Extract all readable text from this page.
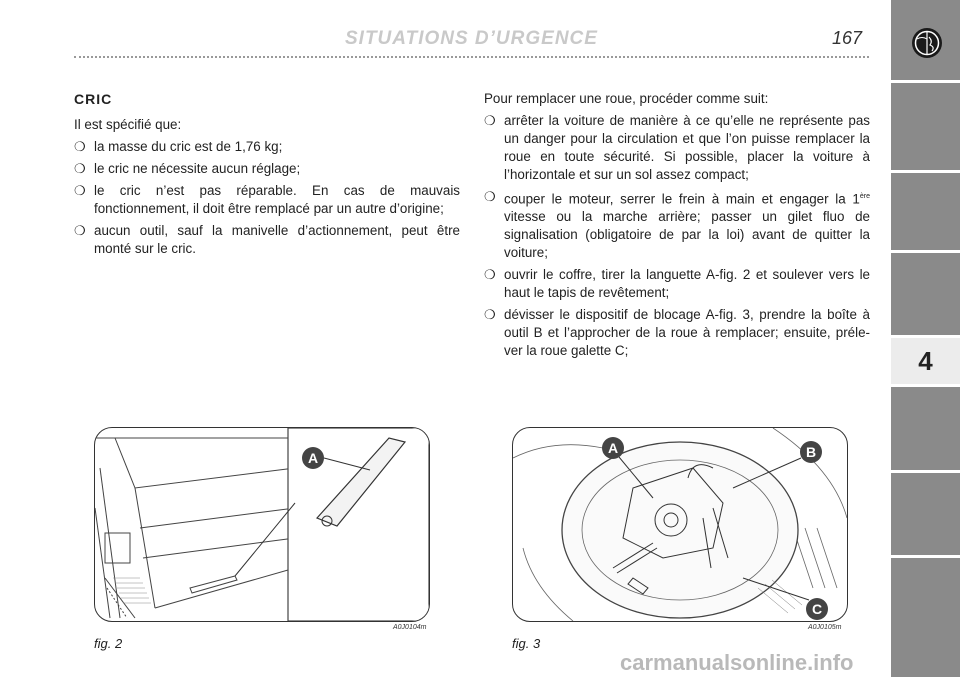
SITUATIONS D’URGENCE	167
4
CRIC
Il est spécifié que:
❍ la masse du cric est de 1,76 kg;
❍ le cric ne nécessite aucun réglage;
❍ le cric n’est pas réparable. En cas de mauvais fonctionnement, il doit être remplacé par un autre d’origine;
❍ aucun outil, sauf la manivelle d’actionnement, peut être monté sur le cric.
Pour remplacer une roue, procéder comme suit:
❍ arrêter la voiture de manière à ce qu’elle ne représente pas un danger pour la circulation et que l’on puisse remplacer la roue en toute sécurité. Si possible, placer la voiture à l’horizontale et sur un sol assez compact;
❍ couper le moteur, serrer le frein à main et engager la 1ère vitesse ou la marche arrière; passer un gilet fluo de signalisation (obligatoire de par la loi) avant de quitter la voiture;
❍ ouvrir le coffre, tirer la languette A-fig. 2 et soulever vers le haut le tapis de revêtement;
❍ dévisser le dispositif de blocage A-fig. 3, prendre la boîte à outil B et l’approcher de la roue à remplacer; ensuite, préle- ver la roue galette C;
A
fig. 2
A0J0104m
A	B
C
fig. 3
A0J0105m
carmanualsonline.info
